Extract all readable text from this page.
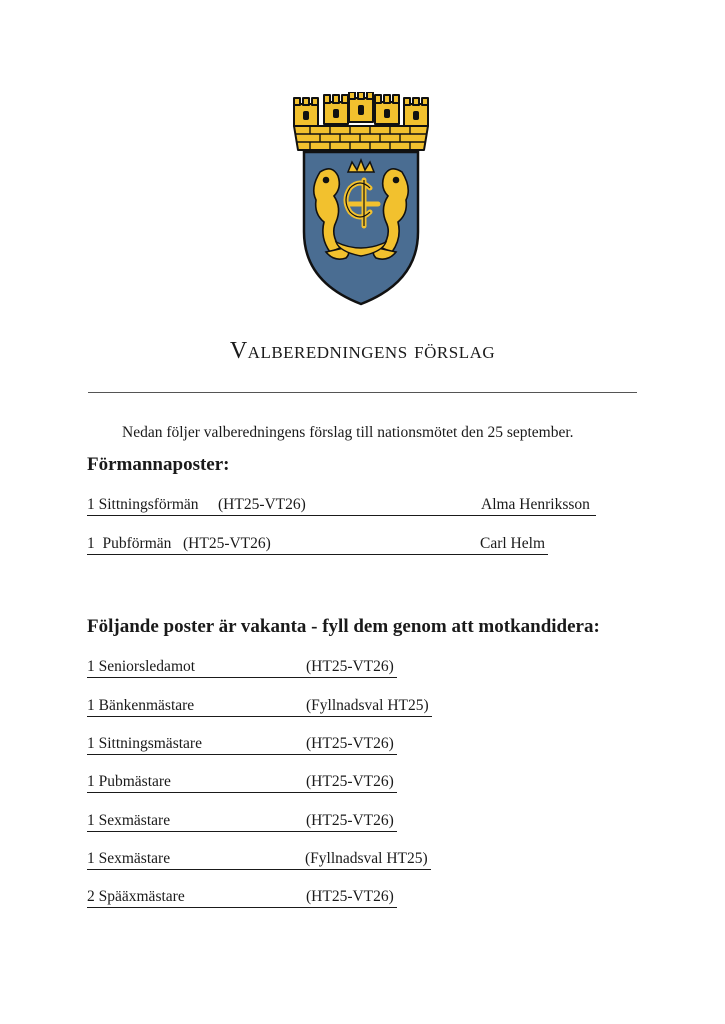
Valberedningens förslag
Nedan följer valberedningens förslag till nationsmötet den 25 september.
Förmannaposter:
1 Sittningsförmän (HT25-VT26)	Alma Henriksson
1  Pubförmän (HT25-VT26)	Carl Helm
Följande poster är vakanta - fyll dem genom att motkandidera:
1 Seniorsledamot	(HT25-VT26)
1 Bänkenmästare	(Fyllnadsval HT25)
1 Sittningsmästare	(HT25-VT26)
1 Pubmästare	(HT25-VT26)
1 Sexmästare	(HT25-VT26)
1 Sexmästare	(Fyllnadsval HT25)
2 Spääxmästare	(HT25-VT26)
